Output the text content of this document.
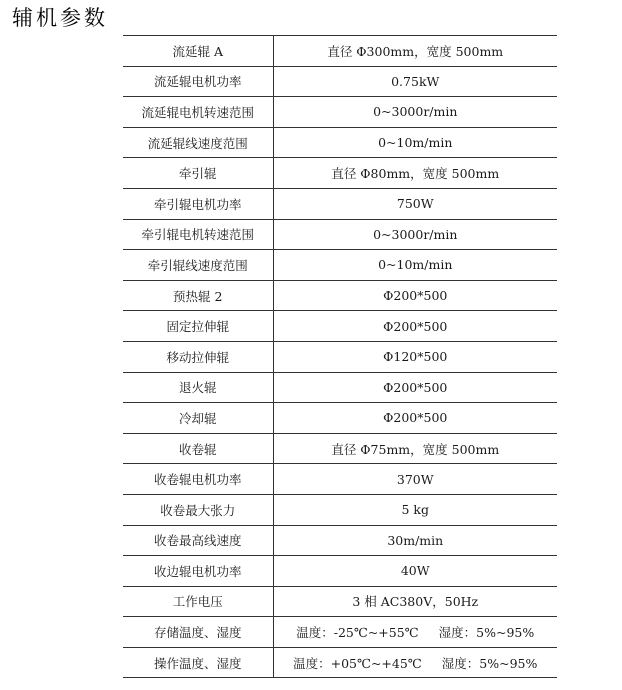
辅机参数
流延辊 A	直径 Φ300mm，宽度 500mm
流延辊电机功率	0.75kW
流延辊电机转速范围	0~3000r/min
流延辊线速度范围	0~10m/min
牵引辊	直径 Φ80mm，宽度 500mm
牵引辊电机功率	750W
牵引辊电机转速范围	0~3000r/min
牵引辊线速度范围	0~10m/min
预热辊 2	Φ200*500
固定拉伸辊	Φ200*500
移动拉伸辊	Φ120*500
退火辊	Φ200*500
冷却辊	Φ200*500
收卷辊	直径 Φ75mm，宽度 500mm
收卷辊电机功率	370W
收卷最大张力	5 kg
收卷最高线速度	30m/min
收边辊电机功率	40W
工作电压	3 相 AC380V，50Hz
存储温度、湿度	温度：-25℃~+55℃ 湿度：5%~95%
操作温度、湿度	温度：+05℃~+45℃ 湿度：5%~95%
